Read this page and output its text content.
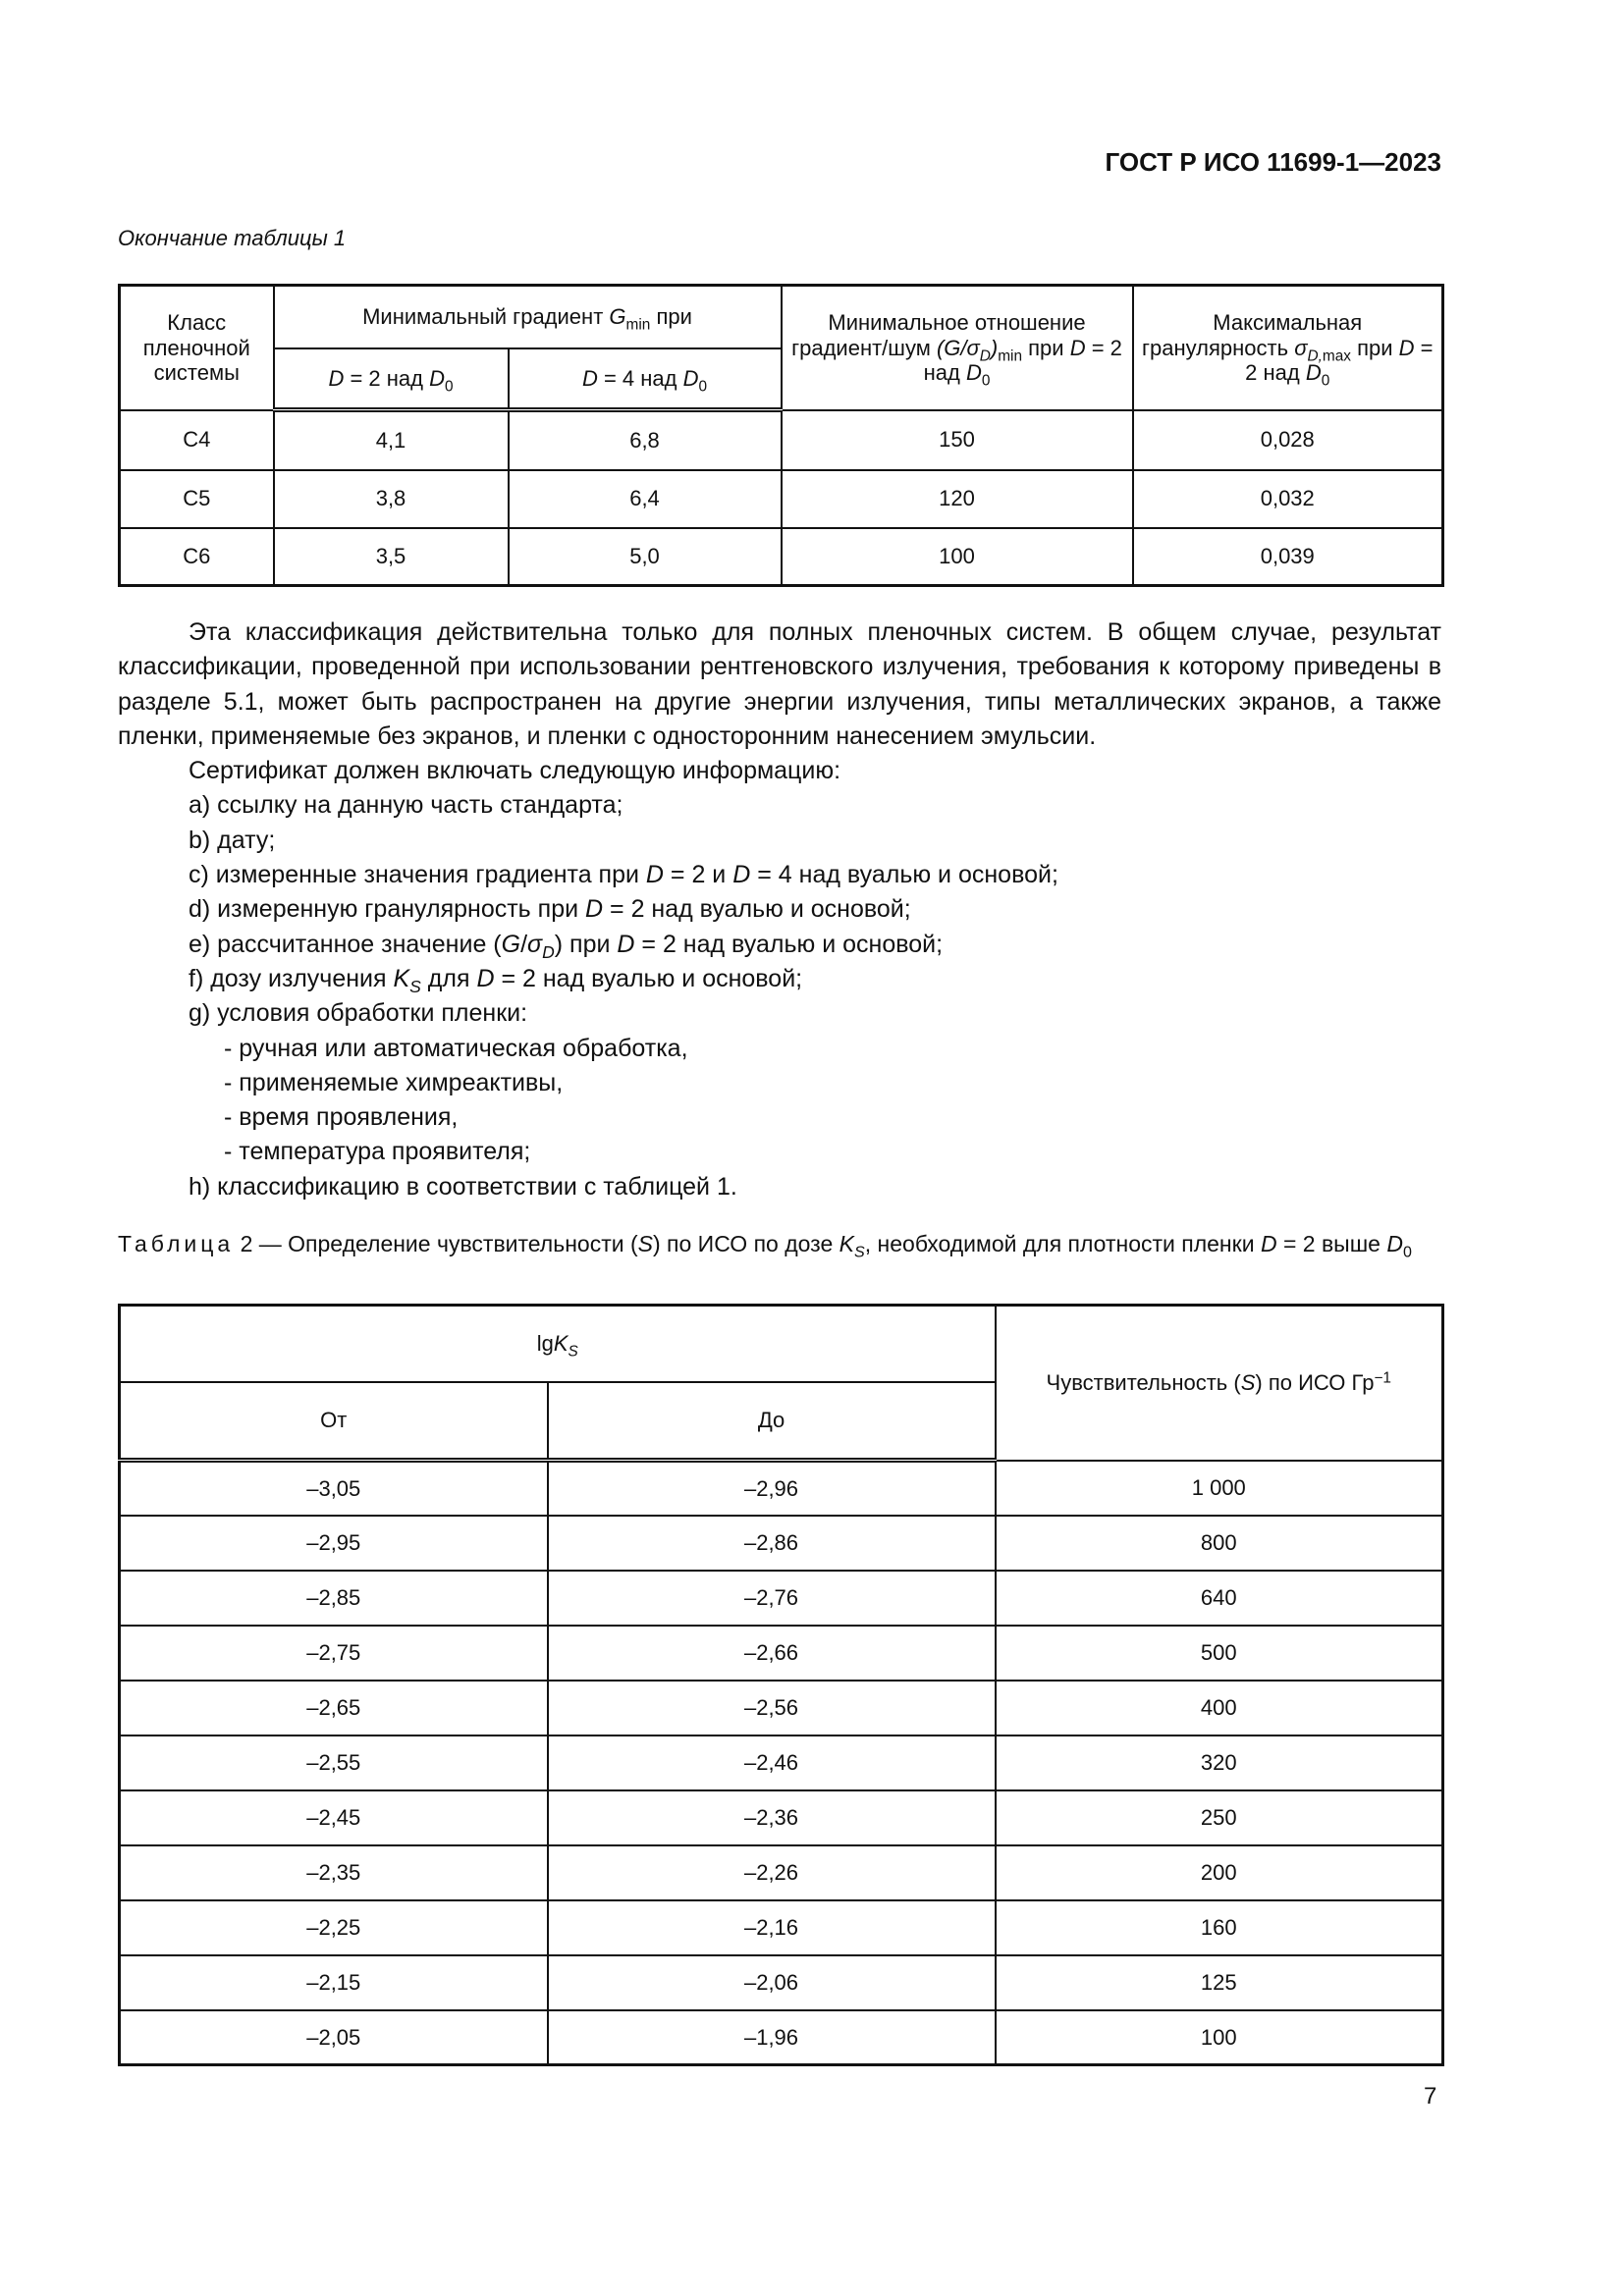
ГОСТ Р ИСО 11699-1—2023
Окончание таблицы 1
Класс пленочной системы	Минимальный градиент $G_{min}$ при		Минимальное отношение градиент/шум $(G/\sigma_D)_{min}$ при D = 2 над $D_0$	Максимальная гранулярность $\sigma_{D,max}$ при D = 2 над $D_0$
	D = 2 над $D_0$	D = 4 над $D_0$
C4	4,1	6,8	150	0,028
C5	3,8	6,4	120	0,032
C6	3,5	5,0	100	0,039

Эта классификация действительна только для полных пленочных систем. В общем случае, результат классификации, проведенной при использовании рентгеновского излучения, требования к которому приведены в разделе 5.1, может быть распространен на другие энергии излучения, типы металлических экранов, а также пленки, применяемые без экранов, и пленки с односторонним нанесением эмульсии.

Сертификат должен включать следующую информацию:

a) ссылку на данную часть стандарта;

b) дату;

c) измеренные значения градиента при D = 2 и D = 4 над вуалью и основой;

d) измеренную гранулярность при D = 2 над вуалью и основой;

e) рассчитанное значение $(G/\sigma_D)$ при D = 2 над вуалью и основой;

f) дозу излучения $K_S$ для D = 2 над вуалью и основой;

g) условия обработки пленки:

- ручная или автоматическая обработка,

- применяемые химреактивы,

- время проявления,

- температура проявителя;

h) классификацию в соответствии с таблицей 1.

Таблица 2 — Определение чувствительности (S) по ИСО по дозе $K_S$, необходимой для плотности пленки D = 2 выше $D_0$
lgK$_S$		Чувствительность (S) по ИСО $Гр^{-1}$
От	До	
–3,05	–2,96	1 000
–2,95	–2,86	800
–2,85	–2,76	640
–2,75	–2,66	500
–2,65	–2,56	400
–2,55	–2,46	320
–2,45	–2,36	250
–2,35	–2,26	200
–2,25	–2,16	160
–2,15	–2,06	125
–2,05	–1,96	100
7
